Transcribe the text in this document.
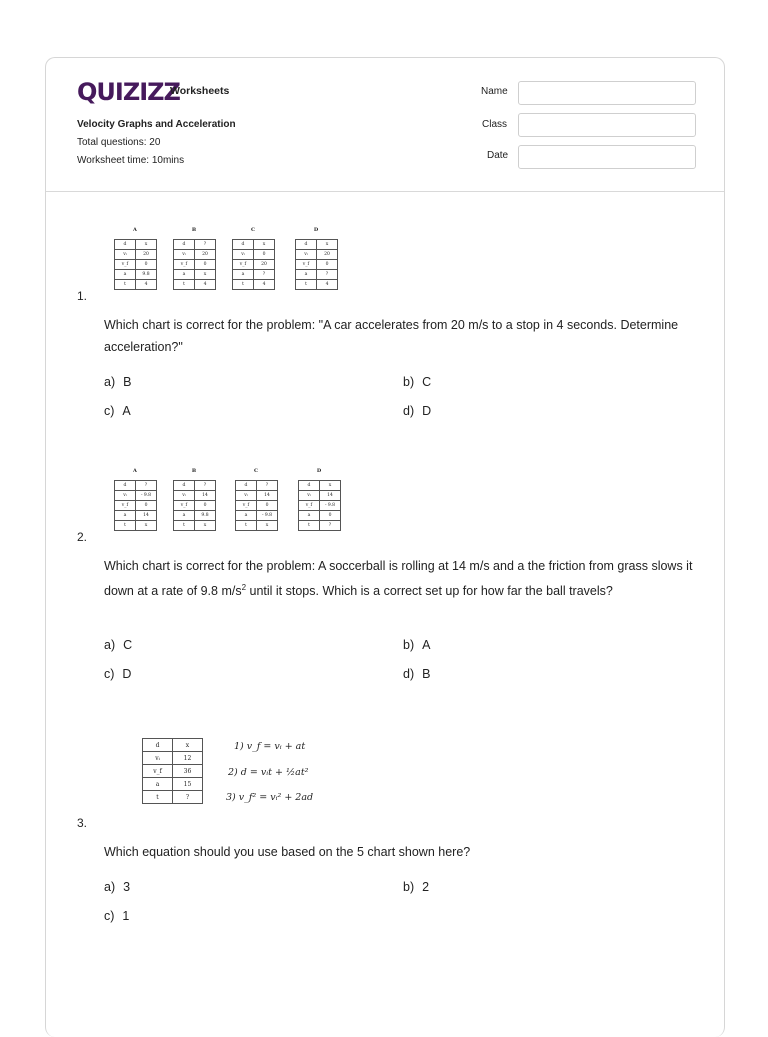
QUIZIZZ
Worksheets
Velocity Graphs and Acceleration
Total questions: 20
Worksheet time: 10mins
Name
Class
Date
A
d	x
vᵢ	20
v_f	0
a	9.8
t	4
B
d	?
vᵢ	20
v_f	0
a	x
t	4
C
d	x
vᵢ	0
v_f	20
a	?
t	4
D
d	x
vᵢ	20
v_f	0
a	?
t	4
1.
Which chart is correct for the problem: "A car accelerates from 20 m/s to a stop in 4 seconds. Determine acceleration?"
a) B	b) C
c) A	d) D
A
d	?
vᵢ	- 9.8
v_f	0
a	14
t	x
B
d	?
vᵢ	14
v_f	0
a	9.8
t	x
C
d	?
vᵢ	14
v_f	0
a	- 9.8
t	x
D
d	x
vᵢ	14
v_f	- 9.8
a	0
t	?
2.
Which chart is correct for the problem: A soccerball is rolling at 14 m/s and a the friction from grass slows it down at a rate of 9.8 $m/s^2$ until it stops. Which is a correct set up for how far the ball travels?
a) C	b) A
c) D	d) B
d	x
vᵢ	12
v_f	36
a	15
t	?
1) v_f = vᵢ + at
2) d = vᵢt + ½at²
3) v_f² = vᵢ² + 2ad
3.
Which equation should you use based on the 5 chart shown here?
a) 3	b) 2
c) 1
